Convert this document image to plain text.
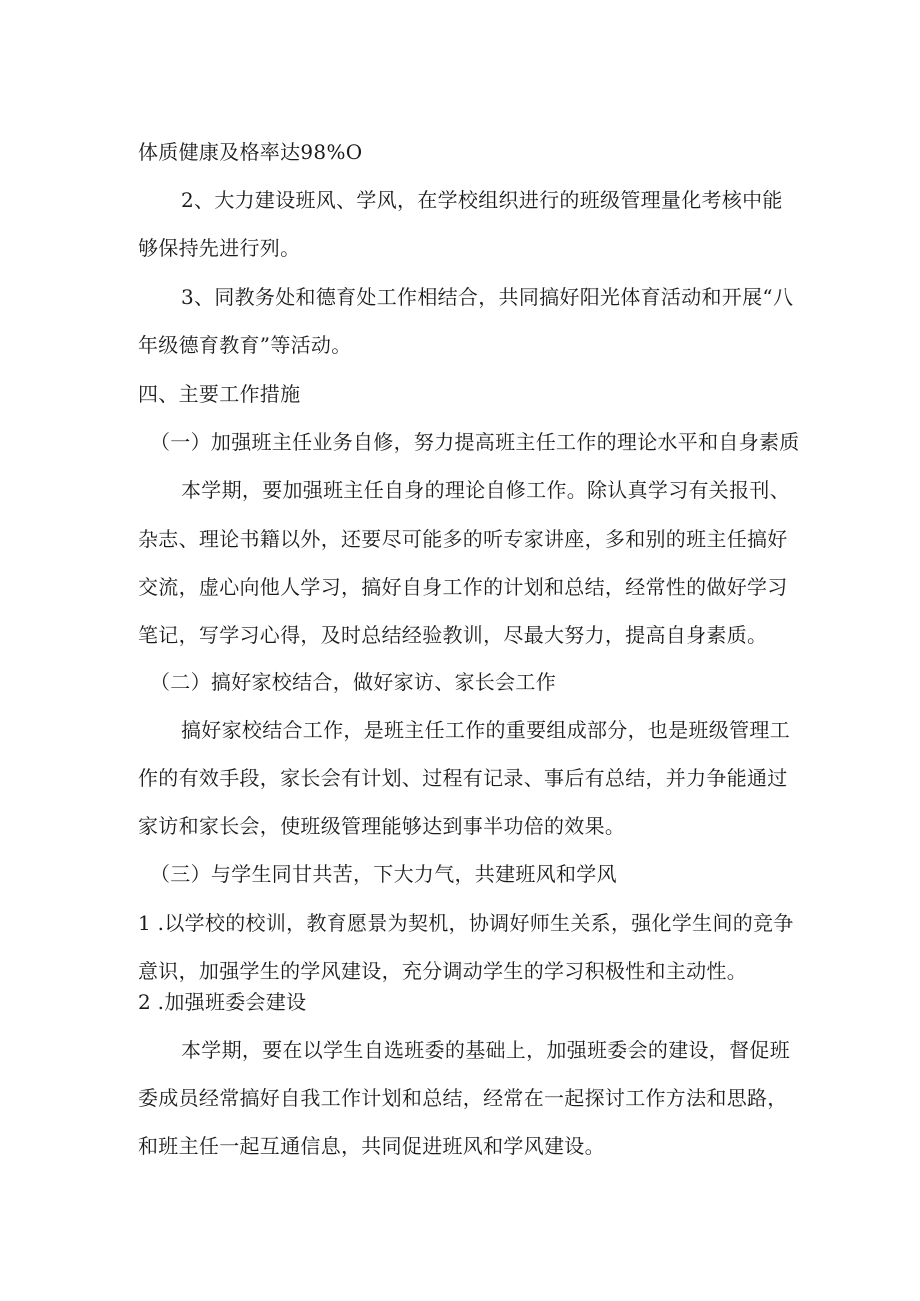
体质健康及格率达98%O
2、大力建设班风、学风，在学校组织进行的班级管理量化考核中能
够保持先进行列。
3、同教务处和德育处工作相结合，共同搞好阳光体育活动和开展“八
年级德育教育”等活动。
四、主要工作措施
（一）加强班主任业务自修，努力提高班主任工作的理论水平和自身素质
本学期，要加强班主任自身的理论自修工作。除认真学习有关报刊、
杂志、理论书籍以外，还要尽可能多的听专家讲座，多和别的班主任搞好
交流，虚心向他人学习，搞好自身工作的计划和总结，经常性的做好学习
笔记，写学习心得，及时总结经验教训，尽最大努力，提高自身素质。
（二）搞好家校结合，做好家访、家长会工作
搞好家校结合工作，是班主任工作的重要组成部分，也是班级管理工
作的有效手段，家长会有计划、过程有记录、事后有总结，并力争能通过
家访和家长会，使班级管理能够达到事半功倍的效果。
（三）与学生同甘共苦，下大力气，共建班风和学风
1 .以学校的校训，教育愿景为契机，协调好师生关系，强化学生间的竞争
意识，加强学生的学风建设，充分调动学生的学习积极性和主动性。
2 .加强班委会建设
本学期，要在以学生自选班委的基础上，加强班委会的建设，督促班
委成员经常搞好自我工作计划和总结，经常在一起探讨工作方法和思路，
和班主任一起互通信息，共同促进班风和学风建设。
